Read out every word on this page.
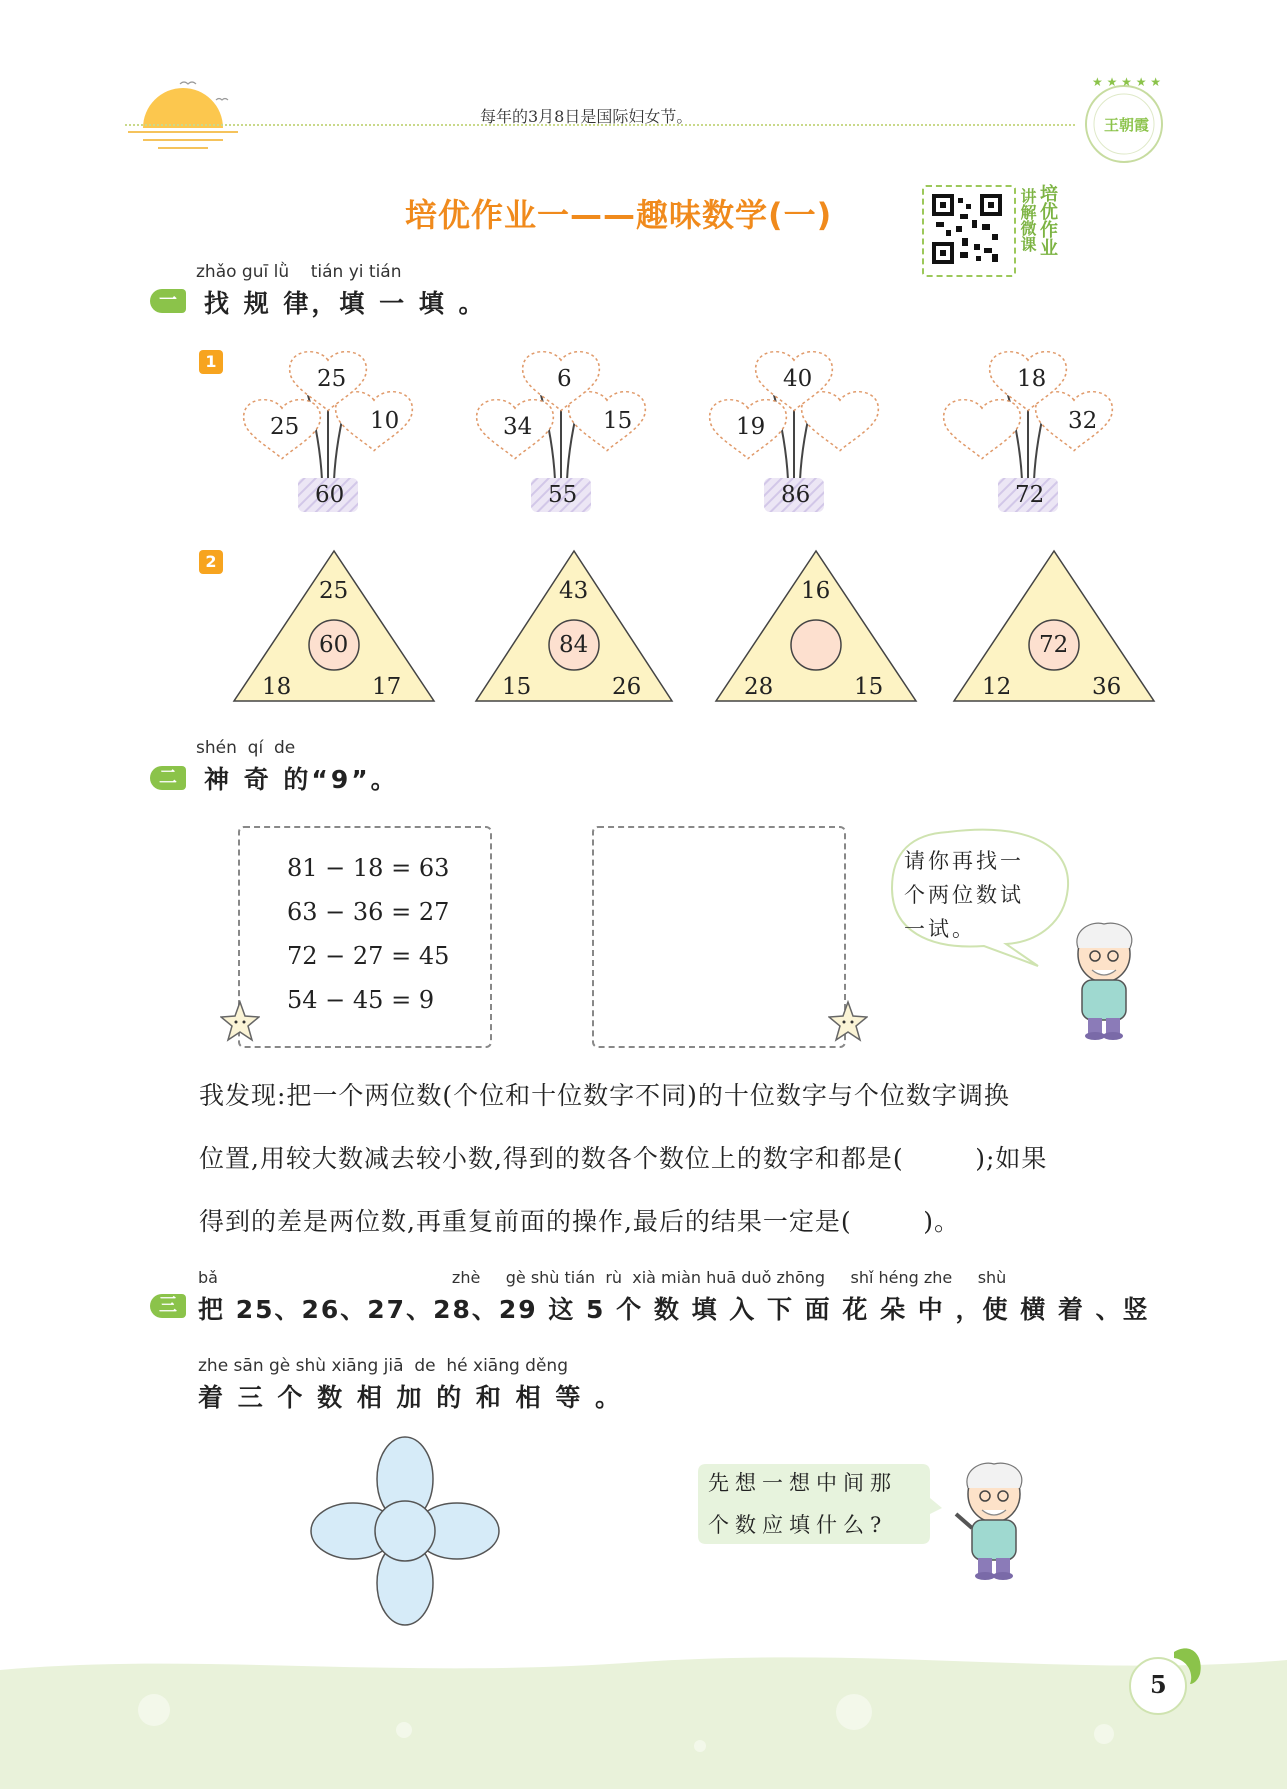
每年的3月8日是国际妇女节。
★ ★ ★ ★ ★
王朝霞
培优作业一——趣味数学(一)	讲解微课 培优作业
一
zhǎo guī lǜ    tián yi tián
找 规 律，填 一 填 。
1
25
25	10
60
6
34	15
55
40
19
86
18
32
72
2
25
60
18	17
43
84
15	26
16
28	15
72
12	36
二
shén  qí  de
神 奇 的“9”。
81 − 18 = 63
63 − 36 = 27
72 − 27 = 45
54 − 45 = 9
请你再找一
个两位数试
一试。
我发现:把一个两位数(个位和十位数字不同)的十位数字与个位数字调换
位置,用较大数减去较小数,得到的数各个数位上的数字和都是(        );如果
得到的差是两位数,再重复前面的操作,最后的结果一定是(        )。
三
bǎ                                              zhè     gè shù tián  rù  xià miàn huā duǒ zhōng     shǐ héng zhe     shù
把 25、26、27、28、29 这 5 个 数 填 入 下 面 花 朵 中 ，使 横 着 、竖
zhe sān gè shù xiāng jiā  de  hé xiāng děng
着 三 个 数 相 加 的 和 相 等 。
先想一想中间那
个数应填什么?
5
